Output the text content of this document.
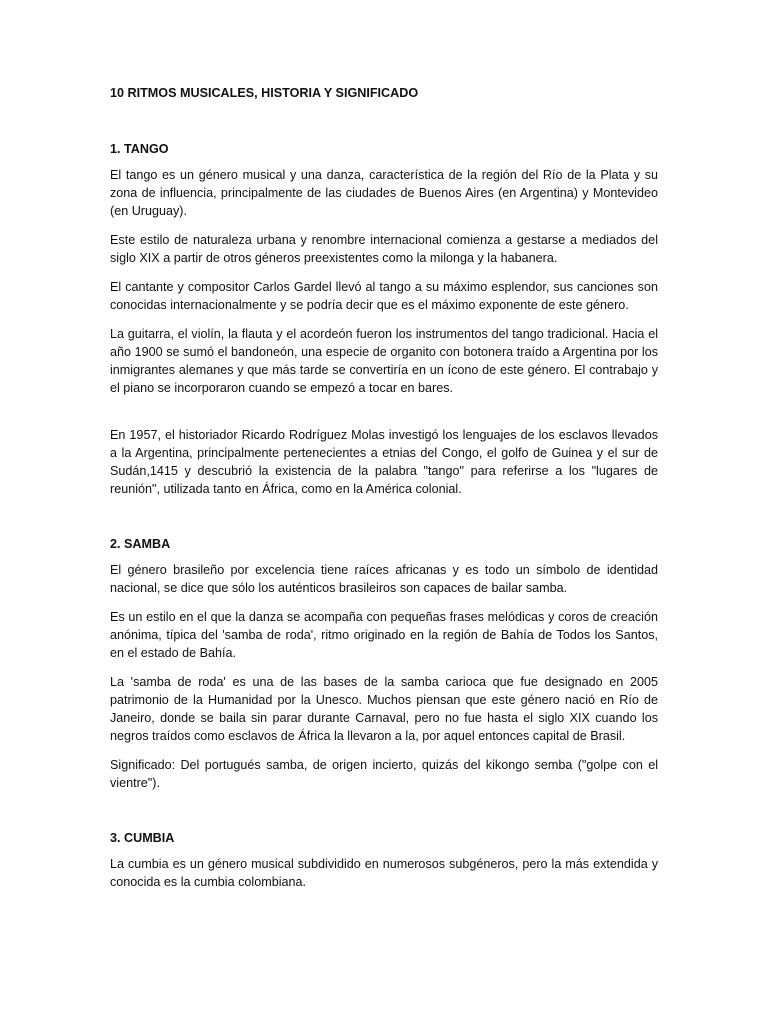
10 RITMOS MUSICALES, HISTORIA Y SIGNIFICADO
1. TANGO

El tango es un género musical y una danza, característica de la región del Río de la Plata y su zona de influencia, principalmente de las ciudades de Buenos Aires (en Argentina) y Montevideo (en Uruguay).

Este estilo de naturaleza urbana y renombre internacional comienza a gestarse a mediados del siglo XIX a partir de otros géneros preexistentes como la milonga y la habanera.

El cantante y compositor Carlos Gardel llevó al tango a su máximo esplendor, sus canciones son conocidas internacionalmente y se podría decir que es el máximo exponente de este género.

La guitarra, el violín, la flauta y el acordeón fueron los instrumentos del tango tradicional. Hacia el año 1900 se sumó el bandoneón, una especie de organito con botonera traído a Argentina por los inmigrantes alemanes y que más tarde se convertiría en un ícono de este género. El contrabajo y el piano se incorporaron cuando se empezó a tocar en bares.

En 1957, el historiador Ricardo Rodríguez Molas investigó los lenguajes de los esclavos llevados a la Argentina, principalmente pertenecientes a etnias del Congo, el golfo de Guinea y el sur de Sudán,1415 y descubrió la existencia de la palabra "tango" para referirse a los "lugares de reunión", utilizada tanto en África, como en la América colonial.

2. SAMBA

El género brasileño por excelencia tiene raíces africanas y es todo un símbolo de identidad nacional, se dice que sólo los auténticos brasileiros son capaces de bailar samba.

Es un estilo en el que la danza se acompaña con pequeñas frases melódicas y coros de creación anónima, típica del 'samba de roda', ritmo originado en la región de Bahía de Todos los Santos, en el estado de Bahía.

La 'samba de roda' es una de las bases de la samba carioca que fue designado en 2005 patrimonio de la Humanidad por la Unesco. Muchos piensan que este género nació en Río de Janeiro, donde se baila sin parar durante Carnaval, pero no fue hasta el siglo XIX cuando los negros traídos como esclavos de África la llevaron a la, por aquel entonces capital de Brasil.

Significado: Del portugués samba, de origen incierto, quizás del kikongo semba ("golpe con el vientre").

3. CUMBIA

La cumbia es un género musical subdividido en numerosos subgéneros, pero la más extendida y conocida es la cumbia colombiana.
